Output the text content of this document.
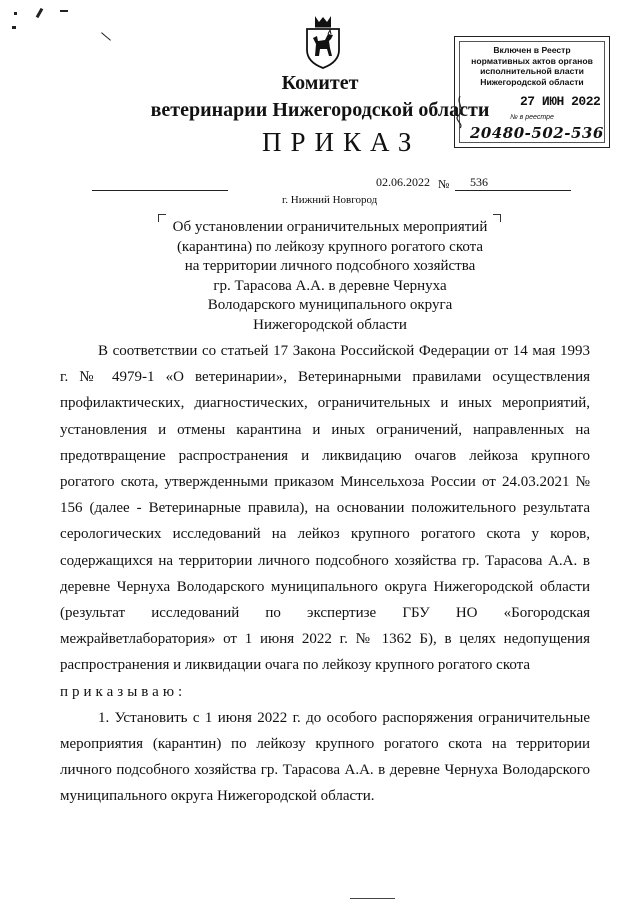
Комитет
ветеринарии Нижегородской области
ПРИКАЗ
Включен в Реестр
нормативных актов органов
исполнительной власти
Нижегородской области
27 ИЮН 2022
№ в реестре
20480-502-536
02.06.2022 № 536
г. Нижний Новгород
Об установлении ограничительных мероприятий
(карантина) по лейкозу крупного рогатого скота
на территории личного подсобного хозяйства
гр. Тарасова А.А. в деревне Чернуха
Володарского муниципального округа
Нижегородской области

В соответствии со статьей 17 Закона Российской Федерации от 14 мая 1993 г. № 4979-1 «О ветеринарии», Ветеринарными правилами осуществления профилактических, диагностических, ограничительных и иных мероприятий, установления и отмены карантина и иных ограничений, направленных на предотвращение распространения и ликвидацию очагов лейкоза крупного рогатого скота, утвержденными приказом Минсельхоза России от 24.03.2021 № 156 (далее - Ветеринарные правила), на основании положительного результата серологических исследований на лейкоз крупного рогатого скота у коров, содержащихся на территории личного подсобного хозяйства гр. Тарасова А.А. в деревне Чернуха Володарского муниципального округа Нижегородской области (результат исследований по экспертизе ГБУ НО «Богородская межрайветлаборатория» от 1 июня 2022 г. № 1362 Б), в целях недопущения распространения и ликвидации очага по лейкозу крупного рогатого скота

приказываю:

1. Установить с 1 июня 2022 г. до особого распоряжения ограничительные мероприятия (карантин) по лейкозу крупного рогатого скота на территории личного подсобного хозяйства гр. Тарасова А.А. в деревне Чернуха Володарского муниципального округа Нижегородской области.
